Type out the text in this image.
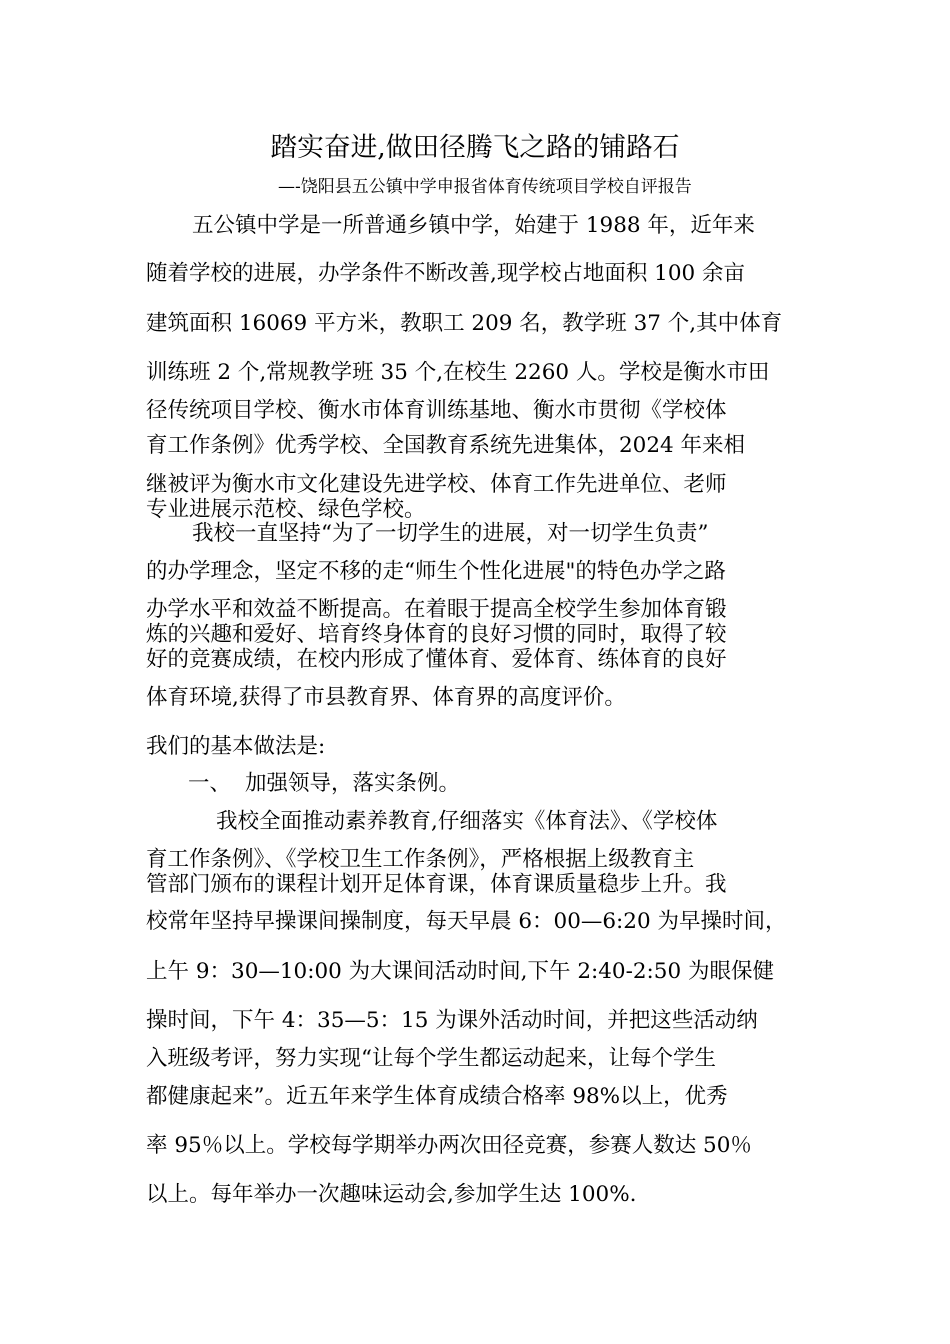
踏实奋进,做田径腾飞之路的铺路石
—-饶阳县五公镇中学申报省体育传统项目学校自评报告
五公镇中学是一所普通乡镇中学，始建于 1988 年，近年来
随着学校的进展，办学条件不断改善,现学校占地面积 100 余亩
建筑面积 16069 平方米，教职工 209 名，教学班 37 个,其中体育
训练班 2 个,常规教学班 35 个,在校生 2260 人。学校是衡水市田
径传统项目学校、衡水市体育训练基地、衡水市贯彻《学校体
育工作条例》优秀学校、全国教育系统先进集体，2024 年来相
继被评为衡水市文化建设先进学校、体育工作先进单位、老师
专业进展示范校、绿色学校。
我校一直坚持“为了一切学生的进展，对一切学生负责”
的办学理念，坚定不移的走“师生个性化进展"的特色办学之路
办学水平和效益不断提高。在着眼于提高全校学生参加体育锻
炼的兴趣和爱好、培育终身体育的良好习惯的同时，取得了较
好的竞赛成绩，在校内形成了懂体育、爱体育、练体育的良好
体育环境,获得了市县教育界、体育界的高度评价。
我们的基本做法是:
一、 加强领导，落实条例。
我校全面推动素养教育,仔细落实《体育法》、《学校体
育工作条例》、《学校卫生工作条例》，严格根据上级教育主
管部门颁布的课程计划开足体育课，体育课质量稳步上升。我
校常年坚持早操课间操制度，每天早晨 6：00—6:20 为早操时间，
上午 9：30—10:00 为大课间活动时间,下午 2:40-2:50 为眼保健
操时间，下午 4：35—5：15 为课外活动时间，并把这些活动纳
入班级考评，努力实现“让每个学生都运动起来，让每个学生
都健康起来”。近五年来学生体育成绩合格率 98%以上，优秀
率 95％以上。学校每学期举办两次田径竞赛，参赛人数达 50％
以上。每年举办一次趣味运动会,参加学生达 100%.
